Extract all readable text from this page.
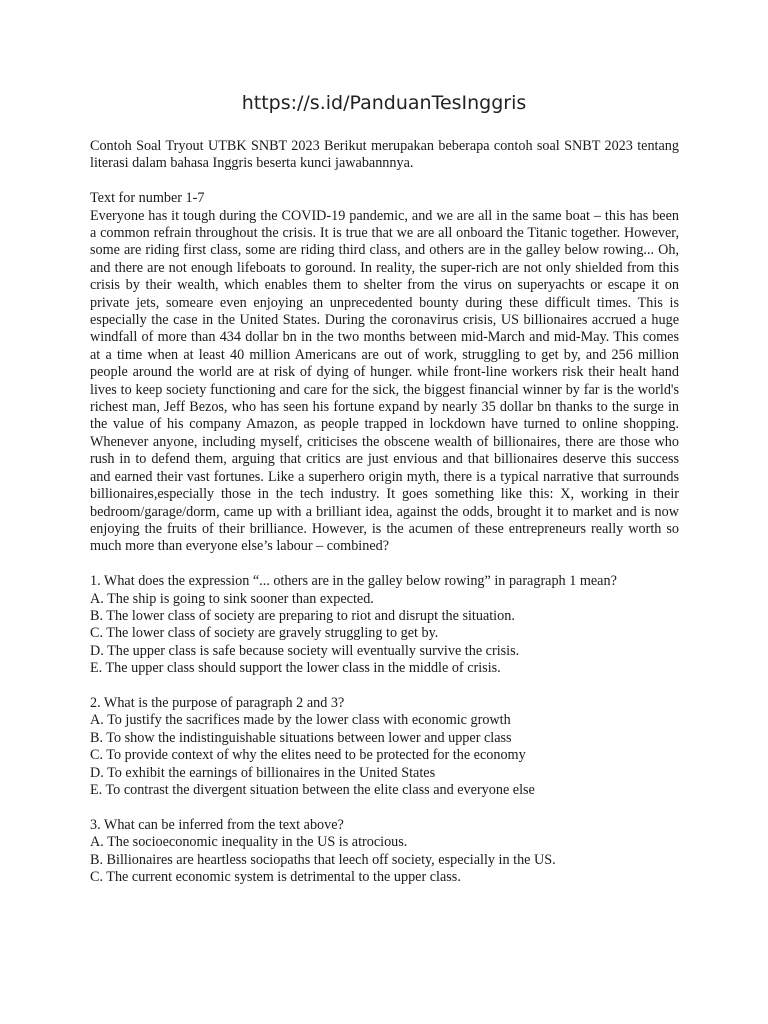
https://s.id/PanduanTesInggris

Contoh Soal Tryout UTBK SNBT 2023 Berikut merupakan beberapa contoh soal SNBT 2023 tentang literasi dalam bahasa Inggris beserta kunci jawabannnya.

Text for number 1-7

Everyone has it tough during the COVID-19 pandemic, and we are all in the same boat – this has been a common refrain throughout the crisis. It is true that we are all onboard the Titanic together. However, some are riding first class, some are riding third class, and others are in the galley below rowing... Oh, and there are not enough lifeboats to goround. In reality, the super-rich are not only shielded from this crisis by their wealth, which enables them to shelter from the virus on superyachts or escape it on private jets, someare even enjoying an unprecedented bounty during these difficult times. This is especially the case in the United States. During the coronavirus crisis, US billionaires accrued a huge windfall of more than 434 dollar bn in the two months between mid-March and mid-May. This comes at a time when at least 40 million Americans are out of work, struggling to get by, and 256 million people around the world are at risk of dying of hunger. while front-line workers risk their healt hand lives to keep society functioning and care for the sick, the biggest financial winner by far is the world's richest man, Jeff Bezos, who has seen his fortune expand by nearly 35 dollar bn thanks to the surge in the value of his company Amazon, as people trapped in lockdown have turned to online shopping. Whenever anyone, including myself, criticises the obscene wealth of billionaires, there are those who rush in to defend them, arguing that critics are just envious and that billionaires deserve this success and earned their vast fortunes. Like a superhero origin myth, there is a typical narrative that surrounds billionaires,especially those in the tech industry. It goes something like this: X, working in their bedroom/garage/dorm, came up with a brilliant idea, against the odds, brought it to market and is now enjoying the fruits of their brilliance. However, is the acumen of these entrepreneurs really worth so much more than everyone else’s labour – combined?

1. What does the expression “... others are in the galley below rowing” in paragraph 1 mean?

A. The ship is going to sink sooner than expected.

B. The lower class of society are preparing to riot and disrupt the situation.

C. The lower class of society are gravely struggling to get by.

D. The upper class is safe because society will eventually survive the crisis.

E. The upper class should support the lower class in the middle of crisis.

2. What is the purpose of paragraph 2 and 3?

A. To justify the sacrifices made by the lower class with economic growth

B. To show the indistinguishable situations between lower and upper class

C. To provide context of why the elites need to be protected for the economy

D. To exhibit the earnings of billionaires in the United States

E. To contrast the divergent situation between the elite class and everyone else

3. What can be inferred from the text above?

A. The socioeconomic inequality in the US is atrocious.

B. Billionaires are heartless sociopaths that leech off society, especially in the US.

C. The current economic system is detrimental to the upper class.
